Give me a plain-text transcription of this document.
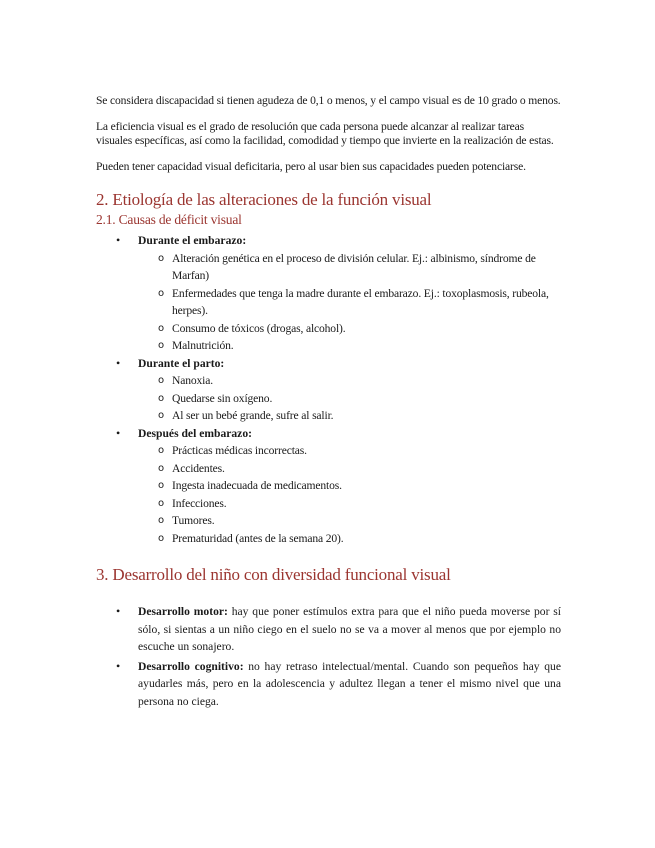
Se considera discapacidad si tienen agudeza de 0,1 o menos, y el campo visual es de 10 grado o menos.

La eficiencia visual es el grado de resolución que cada persona puede alcanzar al realizar tareas visuales específicas, así como la facilidad, comodidad y tiempo que invierte en la realización de estas.

Pueden tener capacidad visual deficitaria, pero al usar bien sus capacidades pueden potenciarse.

2. Etiología de las alteraciones de la función visual
2.1. Causas de déficit visual
• Durante el embarazo:
o Alteración genética en el proceso de división celular. Ej.: albinismo, síndrome de Marfan)
o Enfermedades que tenga la madre durante el embarazo. Ej.: toxoplasmosis, rubeola, herpes).
o Consumo de tóxicos (drogas, alcohol).
o Malnutrición.
• Durante el parto:
o Nanoxia.
o Quedarse sin oxígeno.
o Al ser un bebé grande, sufre al salir.
• Después del embarazo:
o Prácticas médicas incorrectas.
o Accidentes.
o Ingesta inadecuada de medicamentos.
o Infecciones.
o Tumores.
o Prematuridad (antes de la semana 20).
3. Desarrollo del niño con diversidad funcional visual
• Desarrollo motor: hay que poner estímulos extra para que el niño pueda moverse por sí sólo, si sientas a un niño ciego en el suelo no se va a mover al menos que por ejemplo no escuche un sonajero.
• Desarrollo cognitivo: no hay retraso intelectual/mental. Cuando son pequeños hay que ayudarles más, pero en la adolescencia y adultez llegan a tener el mismo nivel que una persona no ciega.
